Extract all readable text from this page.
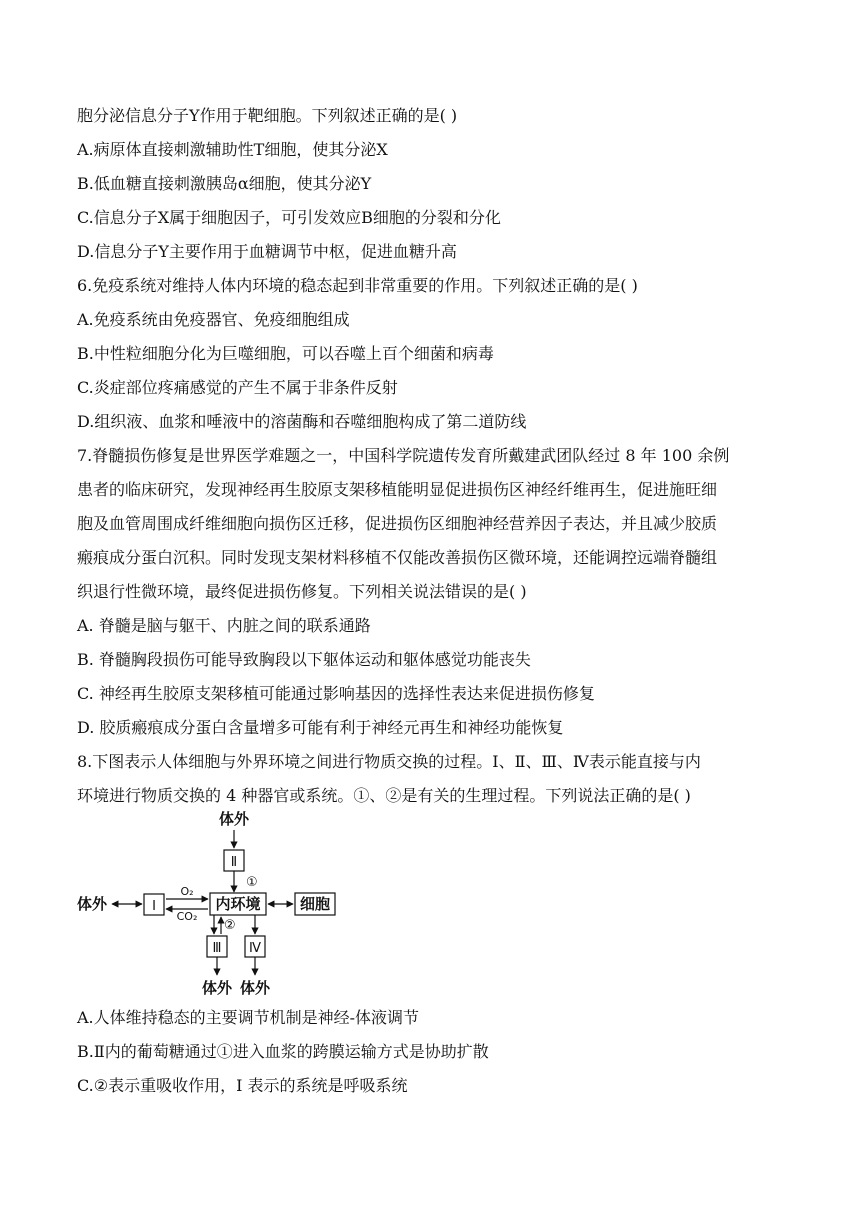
胞分泌信息分子Y作用于靶细胞。下列叙述正确的是( )
A.病原体直接刺激辅助性T细胞，使其分泌X
B.低血糖直接刺激胰岛α细胞，使其分泌Y
C.信息分子X属于细胞因子，可引发效应B细胞的分裂和分化
D.信息分子Y主要作用于血糖调节中枢，促进血糖升高
6.免疫系统对维持人体内环境的稳态起到非常重要的作用。下列叙述正确的是( )
A.免疫系统由免疫器官、免疫细胞组成
B.中性粒细胞分化为巨噬细胞，可以吞噬上百个细菌和病毒
C.炎症部位疼痛感觉的产生不属于非条件反射
D.组织液、血浆和唾液中的溶菌酶和吞噬细胞构成了第二道防线
7.脊髓损伤修复是世界医学难题之一，中国科学院遗传发育所戴建武团队经过 8 年 100 余例
患者的临床研究，发现神经再生胶原支架移植能明显促进损伤区神经纤维再生，促进施旺细
胞及血管周围成纤维细胞向损伤区迁移，促进损伤区细胞神经营养因子表达，并且减少胶质
瘢痕成分蛋白沉积。同时发现支架材料移植不仅能改善损伤区微环境，还能调控远端脊髓组
织退行性微环境，最终促进损伤修复。下列相关说法错误的是( )
A. 脊髓是脑与躯干、内脏之间的联系通路
B. 脊髓胸段损伤可能导致胸段以下躯体运动和躯体感觉功能丧失
C. 神经再生胶原支架移植可能通过影响基因的选择性表达来促进损伤修复
D. 胶质瘢痕成分蛋白含量增多可能有利于神经元再生和神经功能恢复
8.下图表示人体细胞与外界环境之间进行物质交换的过程。Ⅰ、Ⅱ、Ⅲ、Ⅳ表示能直接与内
环境进行物质交换的 4 种器官或系统。①、②是有关的生理过程。下列说法正确的是( )
体外
Ⅱ
①
体外	Ⅰ
O₂
CO₂
内环境	细胞
②
Ⅲ Ⅳ
体外 体外
A.人体维持稳态的主要调节机制是神经-体液调节
B.Ⅱ内的葡萄糖通过①进入血浆的跨膜运输方式是协助扩散
C.②表示重吸收作用，I 表示的系统是呼吸系统
